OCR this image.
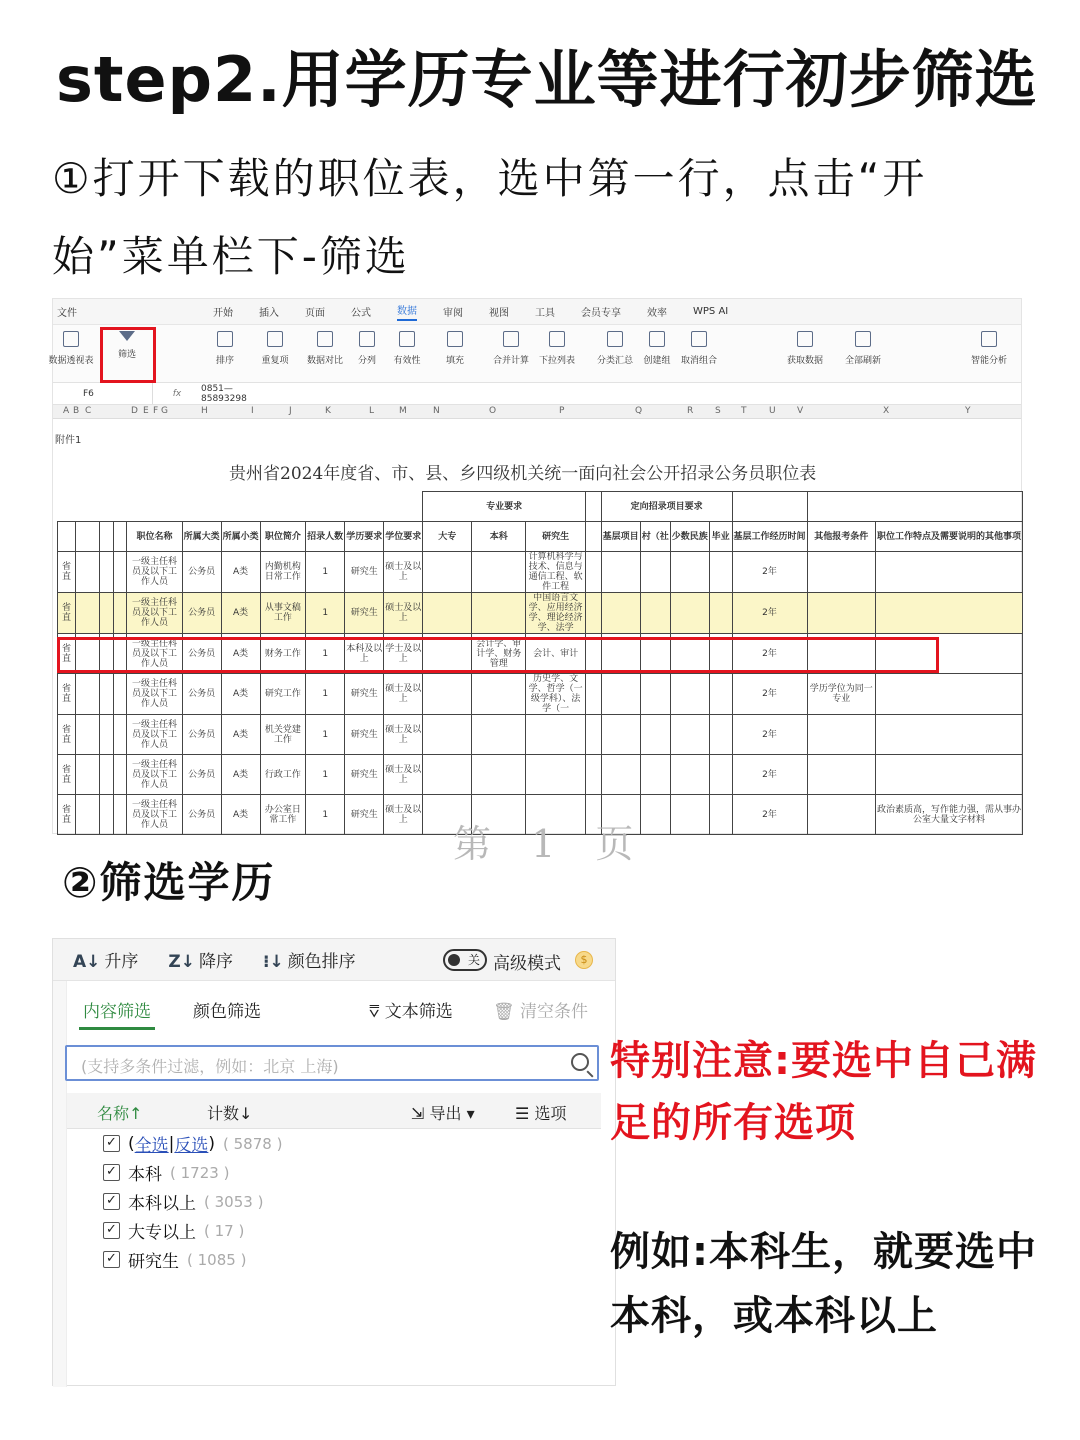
step2.用学历专业等进行初步筛选
①打开下载的职位表，选中第一行，点击“开始”菜单栏下-筛选
文件	开始	插入	页面	公式	数据	审阅	视图	工具	会员专享	效率	WPS AI
数据透视表
筛选
排序	重复项	数据对比	分列	有效性	填充	合并计算	下拉列表	分类汇总	创建组	取消组合	获取数据	全部刷新	智能分析
F6	fx	0851—85893298
A B C	D E F G	H	I	J	K	L	M	N	O	P	Q	R S T	U V	X	Y
附件1
贵州省2024年度省、市、县、乡四级机关统一面向社会公开招录公务员职位表
											专业要求				定向招录项目要求						
				职位名称	所属大类	所属小类	职位简介	招录人数	学历要求	学位要求	大专	本科	研究生		基层项目	村（社	少数民族	毕业	基层工作经历时间	其他报考条件	职位工作特点及需要说明的其他事项
省直				一级主任科员及以下工作人员	公务员	A类	内勤机构日常工作	1	研究生	硕士及以上			计算机科学与技术、信息与通信工程、软件工程						2年		
省直				一级主任科员及以下工作人员	公务员	A类	从事文稿工作	1	研究生	硕士及以上			中国语言文学、应用经济学、理论经济学、法学						2年		
省直				一级主任科员及以下工作人员	公务员	A类	财务工作	1	本科及以上	学士及以上		会计学、审计学、财务管理	会计、审计						2年		
省直				一级主任科员及以下工作人员	公务员	A类	研究工作	1	研究生	硕士及以上			历史学、文学、哲学（一级学科）、法学（一						2年	学历学位为同一专业	
省直				一级主任科员及以下工作人员	公务员	A类	机关党建工作	1	研究生	硕士及以上									2年		
省直				一级主任科员及以下工作人员	公务员	A类	行政工作	1	研究生	硕士及以上									2年		
省直				一级主任科员及以下工作人员	公务员	A类	办公室日常工作	1	研究生	硕士及以上									2年		政治素质高，写作能力强，需从事办公室大量文字材料
第 1 页
②筛选学历
A↓ 升序 Z↓ 降序 ⁝↓ 颜色排序	关 高级模式	$
内容筛选 颜色筛选	⩢ 文本筛选 🗑 清空条件
(支持多条件过滤，例如：北京 上海)
名称↑	计数↓	⇲ 导出 ▾	☰ 选项
✓ ( 全选 | 反选 ) ( 5878 )
✓ 本科 ( 1723 )
✓ 本科以上 ( 3053 )
✓ 大专以上 ( 17 )
✓ 研究生 ( 1085 )
特别注意:要选中自己满足的所有选项
例如:本科生，就要选中本科，或本科以上
